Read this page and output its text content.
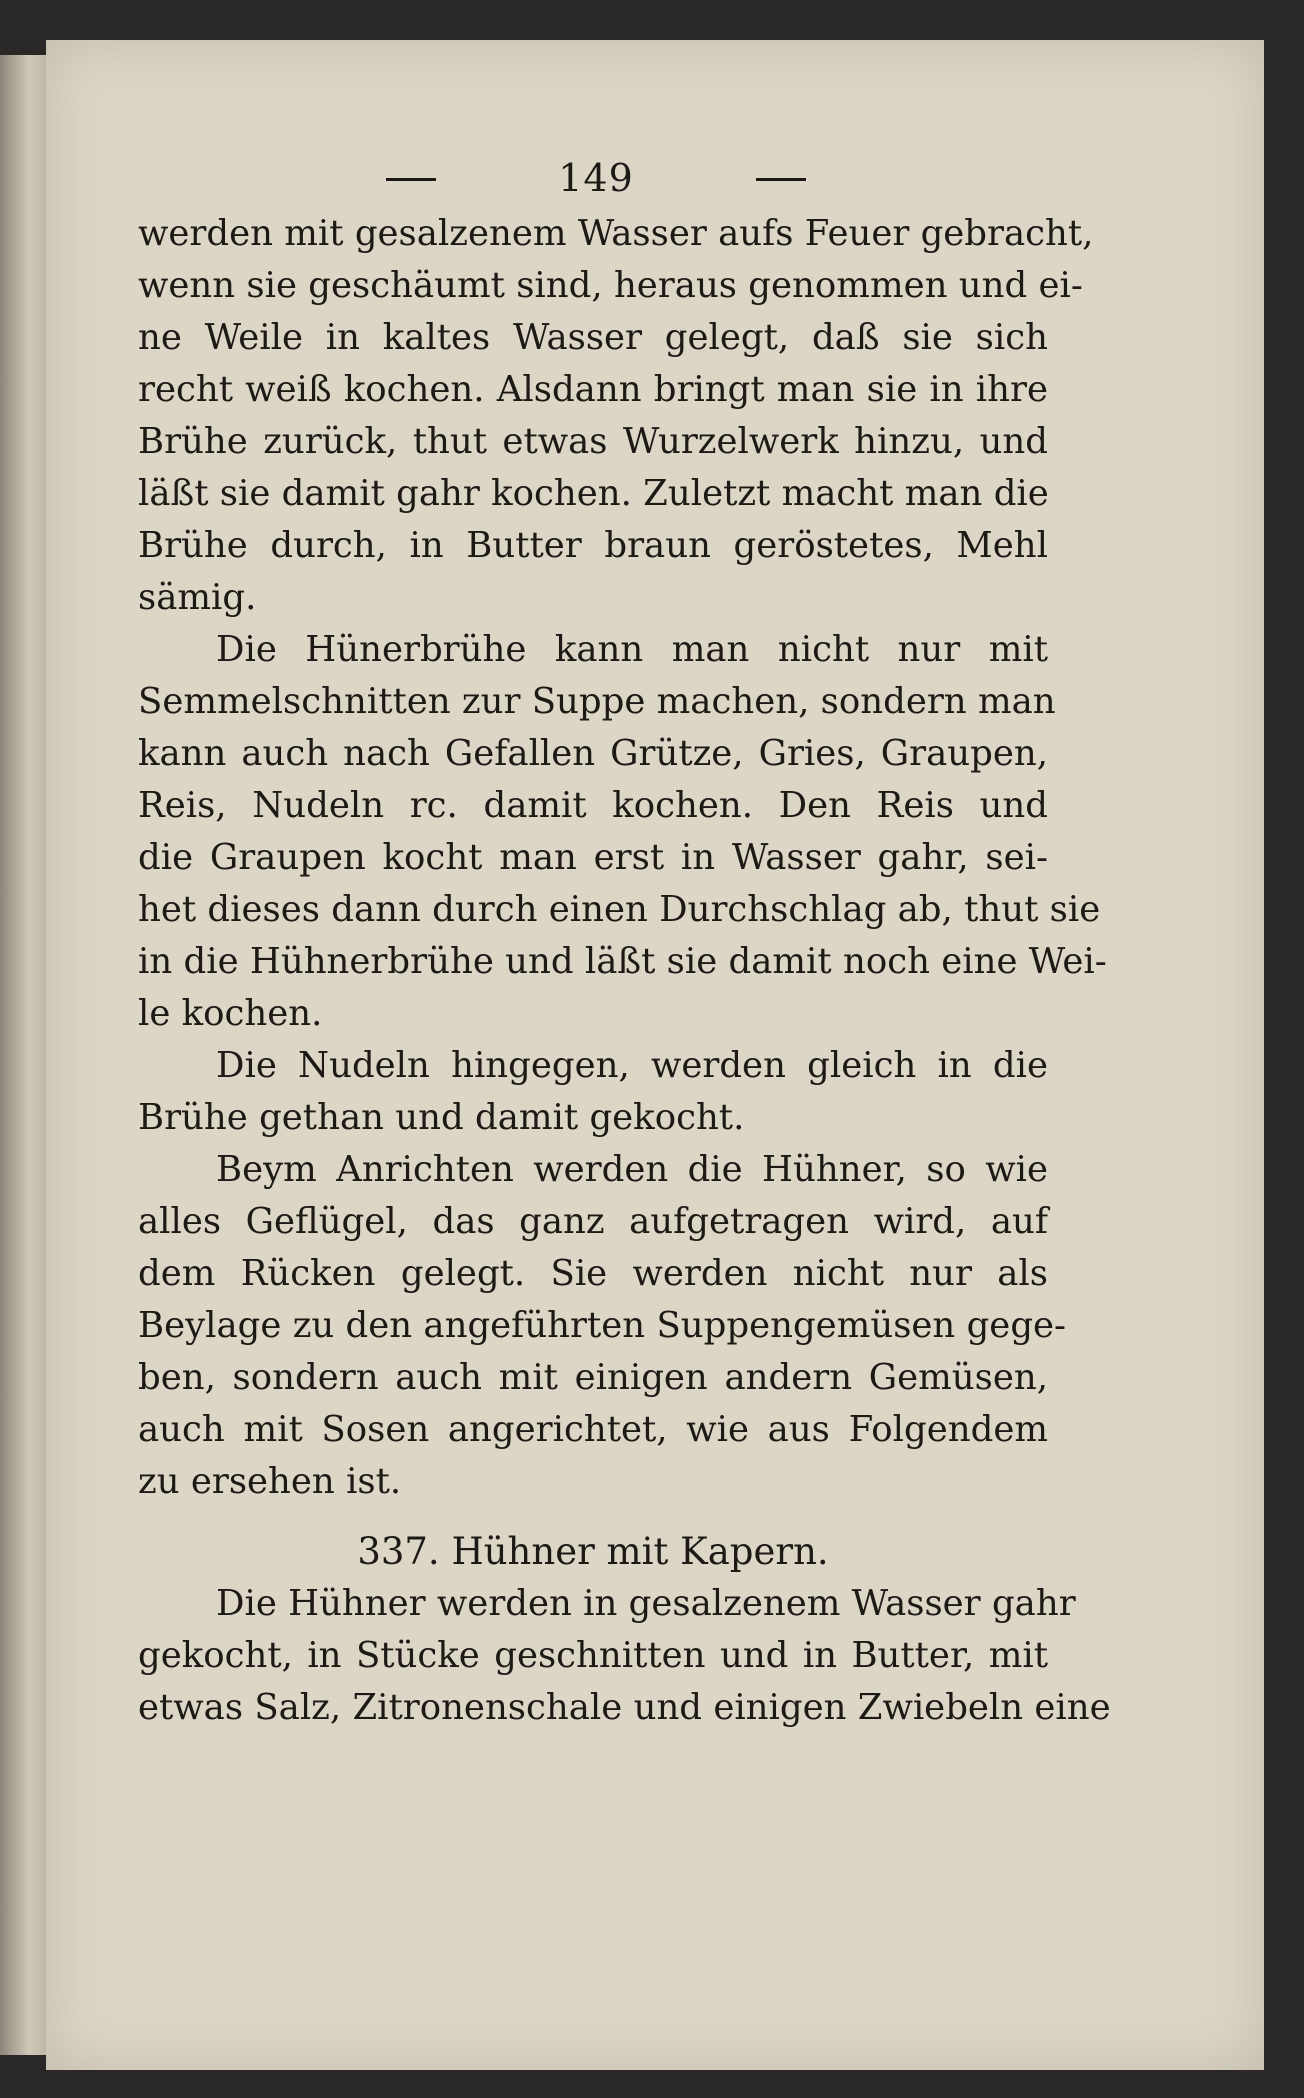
149
werden mit gesalzenem Wasser aufs Feuer gebracht,
wenn sie geschäumt sind, heraus genommen und ei-
ne Weile in kaltes Wasser gelegt, daß sie sich
recht weiß kochen. Alsdann bringt man sie in ihre
Brühe zurück, thut etwas Wurzelwerk hinzu, und
läßt sie damit gahr kochen. Zuletzt macht man die
Brühe durch, in Butter braun geröstetes, Mehl
sämig.
Die Hünerbrühe kann man nicht nur mit
Semmelschnitten zur Suppe machen, sondern man
kann auch nach Gefallen Grütze, Gries, Graupen,
Reis, Nudeln rc. damit kochen. Den Reis und
die Graupen kocht man erst in Wasser gahr, sei-
het dieses dann durch einen Durchschlag ab, thut sie
in die Hühnerbrühe und läßt sie damit noch eine Wei-
le kochen.
Die Nudeln hingegen, werden gleich in die
Brühe gethan und damit gekocht.
Beym Anrichten werden die Hühner, so wie
alles Geflügel, das ganz aufgetragen wird, auf
dem Rücken gelegt. Sie werden nicht nur als
Beylage zu den angeführten Suppengemüsen gege-
ben, sondern auch mit einigen andern Gemüsen,
auch mit Sosen angerichtet, wie aus Folgendem
zu ersehen ist.
337. Hühner mit Kapern.
Die Hühner werden in gesalzenem Wasser gahr
gekocht, in Stücke geschnitten und in Butter, mit
etwas Salz, Zitronenschale und einigen Zwiebeln eine
